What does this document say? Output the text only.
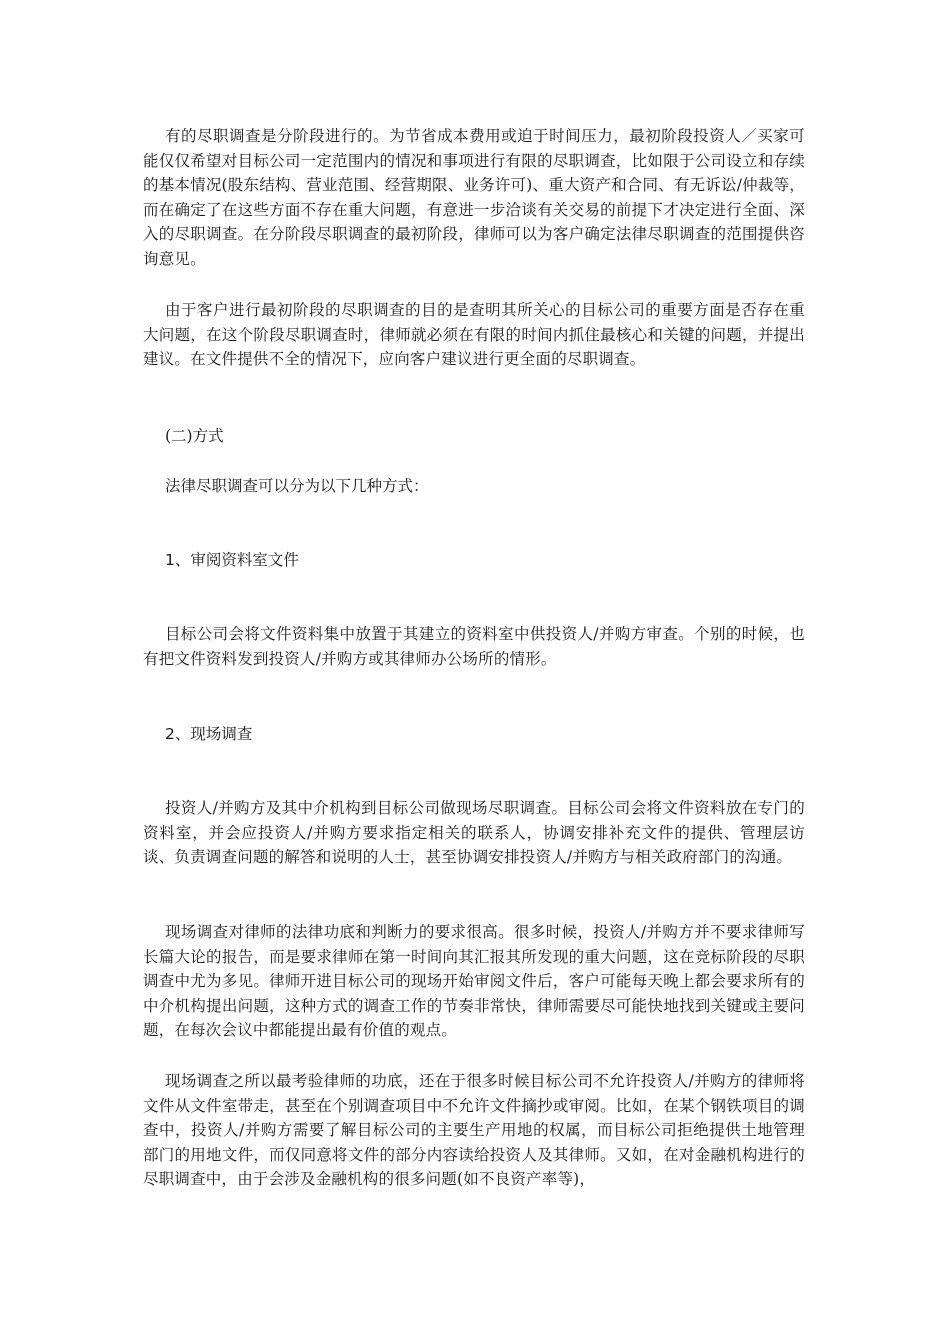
有的尽职调查是分阶段进行的。为节省成本费用或迫于时间压力，最初阶段投资人／买家可能仅仅希望对目标公司一定范围内的情况和事项进行有限的尽职调查，比如限于公司设立和存续的基本情况(股东结构、营业范围、经营期限、业务许可)、重大资产和合同、有无诉讼/仲裁等，而在确定了在这些方面不存在重大问题，有意进一步洽谈有关交易的前提下才决定进行全面、深入的尽职调查。在分阶段尽职调查的最初阶段，律师可以为客户确定法律尽职调查的范围提供咨询意见。

由于客户进行最初阶段的尽职调查的目的是查明其所关心的目标公司的重要方面是否存在重大问题，在这个阶段尽职调查时，律师就必须在有限的时间内抓住最核心和关键的问题，并提出建议。在文件提供不全的情况下，应向客户建议进行更全面的尽职调查。

(二)方式

法律尽职调查可以分为以下几种方式：

1、审阅资料室文件

目标公司会将文件资料集中放置于其建立的资料室中供投资人/并购方审查。个别的时候，也有把文件资料发到投资人/并购方或其律师办公场所的情形。

2、现场调查

投资人/并购方及其中介机构到目标公司做现场尽职调查。目标公司会将文件资料放在专门的资料室，并会应投资人/并购方要求指定相关的联系人，协调安排补充文件的提供、管理层访谈、负责调查问题的解答和说明的人士，甚至协调安排投资人/并购方与相关政府部门的沟通。

现场调查对律师的法律功底和判断力的要求很高。很多时候，投资人/并购方并不要求律师写长篇大论的报告，而是要求律师在第一时间向其汇报其所发现的重大问题，这在竞标阶段的尽职调查中尤为多见。律师开进目标公司的现场开始审阅文件后，客户可能每天晚上都会要求所有的中介机构提出问题，这种方式的调查工作的节奏非常快，律师需要尽可能快地找到关键或主要问题，在每次会议中都能提出最有价值的观点。

现场调查之所以最考验律师的功底，还在于很多时候目标公司不允许投资人/并购方的律师将文件从文件室带走，甚至在个别调查项目中不允许文件摘抄或审阅。比如，在某个钢铁项目的调查中，投资人/并购方需要了解目标公司的主要生产用地的权属，而目标公司拒绝提供土地管理部门的用地文件，而仅同意将文件的部分内容读给投资人及其律师。又如，在对金融机构进行的尽职调查中，由于会涉及金融机构的很多问题(如不良资产率等)，
